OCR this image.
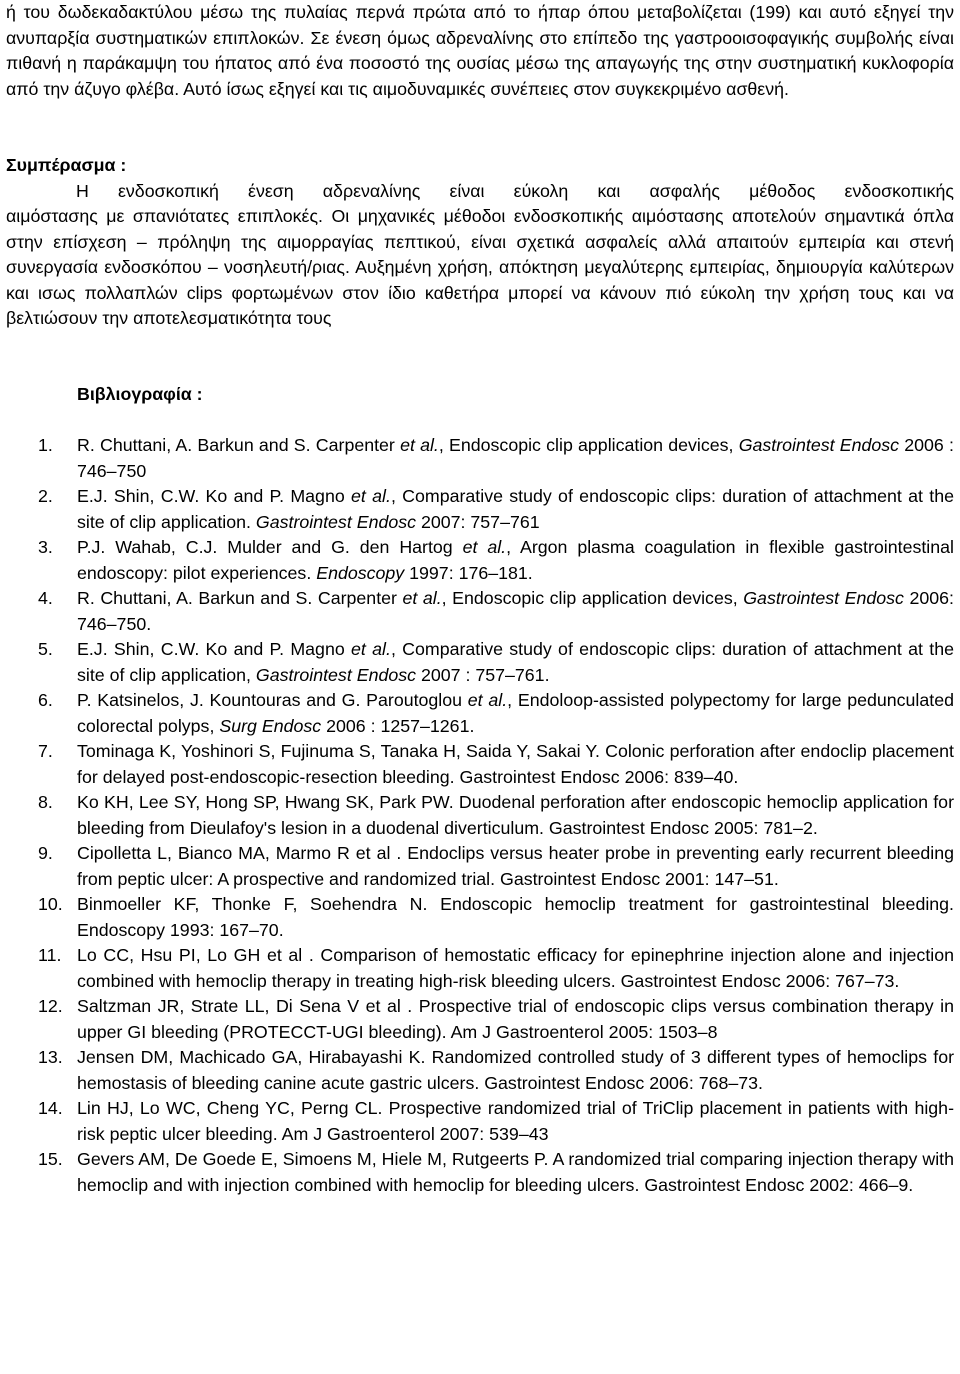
ή του δωδεκαδακτύλου μέσω της πυλαίας περνά πρώτα από το ήπαρ όπου μεταβολίζεται (199) και αυτό εξηγεί την ανυπαρξία συστηματικών επιπλοκών. Σε ένεση όμως αδρεναλίνης στο επίπεδο της γαστροοισοφαγικής συμβολής είναι πιθανή η παράκαμψη του ήπατος από ένα ποσοστό της ουσίας μέσω της απαγωγής της στην συστηματική κυκλοφορία από την άζυγο φλέβα. Αυτό ίσως εξηγεί και τις αιμοδυναμικές συνέπειες στον συγκεκριμένο ασθενή.

Συμπέρασμα :

Η ενδοσκοπική ένεση αδρεναλίνης είναι εύκολη και ασφαλής μέθοδος ενδοσκοπικής

αιμόστασης με σπανιότατες επιπλοκές. Οι μηχανικές μέθοδοι ενδοσκοπικής αιμόστασης αποτελούν σημαντικά όπλα στην επίσχεση – πρόληψη της αιμορραγίας πεπτικού, είναι σχετικά ασφαλείς αλλά απαιτούν εμπειρία και στενή συνεργασία ενδοσκόπου – νοσηλευτή/ριας. Αυξημένη χρήση, απόκτηση μεγαλύτερης εμπειρίας, δημιουργία καλύτερων και ισως πολλαπλών clips φορτωμένων στον ίδιο καθετήρα μπορεί να κάνουν πιό εύκολη την χρήση τους και να βελτιώσουν την αποτελεσματικότητα τους

Βιβλιογραφία :

1. R. Chuttani, A. Barkun and S. Carpenter et al., Endoscopic clip application devices, Gastrointest Endosc 2006 : 746–750
2. E.J. Shin, C.W. Ko and P. Magno et al., Comparative study of endoscopic clips: duration of attachment at the site of clip application. Gastrointest Endosc 2007: 757–761
3. P.J. Wahab, C.J. Mulder and G. den Hartog et al., Argon plasma coagulation in flexible gastrointestinal endoscopy: pilot experiences. Endoscopy 1997: 176–181.
4. R. Chuttani, A. Barkun and S. Carpenter et al., Endoscopic clip application devices, Gastrointest Endosc 2006: 746–750.
5. E.J. Shin, C.W. Ko and P. Magno et al., Comparative study of endoscopic clips: duration of attachment at the site of clip application, Gastrointest Endosc 2007 : 757–761.
6. P. Katsinelos, J. Kountouras and G. Paroutoglou et al., Endoloop-assisted polypectomy for large pedunculated colorectal polyps, Surg Endosc 2006 : 1257–1261.
7. Tominaga K, Yoshinori S, Fujinuma S, Tanaka H, Saida Y, Sakai Y. Colonic perforation after endoclip placement for delayed post-endoscopic-resection bleeding. Gastrointest Endosc 2006: 839–40.
8. Ko KH, Lee SY, Hong SP, Hwang SK, Park PW. Duodenal perforation after endoscopic hemoclip application for bleeding from Dieulafoy's lesion in a duodenal diverticulum. Gastrointest Endosc 2005: 781–2.
9. Cipolletta L, Bianco MA, Marmo R et al . Endoclips versus heater probe in preventing early recurrent bleeding from peptic ulcer: A prospective and randomized trial. Gastrointest Endosc 2001: 147–51.
10. Binmoeller KF, Thonke F, Soehendra N. Endoscopic hemoclip treatment for gastrointestinal bleeding. Endoscopy 1993: 167–70.
11. Lo CC, Hsu PI, Lo GH et al . Comparison of hemostatic efficacy for epinephrine injection alone and injection combined with hemoclip therapy in treating high-risk bleeding ulcers. Gastrointest Endosc 2006: 767–73.
12. Saltzman JR, Strate LL, Di Sena V et al . Prospective trial of endoscopic clips versus combination therapy in upper GI bleeding (PROTECCT-UGI bleeding). Am J Gastroenterol 2005: 1503–8
13. Jensen DM, Machicado GA, Hirabayashi K. Randomized controlled study of 3 different types of hemoclips for hemostasis of bleeding canine acute gastric ulcers. Gastrointest Endosc 2006: 768–73.
14. Lin HJ, Lo WC, Cheng YC, Perng CL. Prospective randomized trial of TriClip placement in patients with high-risk peptic ulcer bleeding. Am J Gastroenterol 2007: 539–43
15. Gevers AM, De Goede E, Simoens M, Hiele M, Rutgeerts P. A randomized trial comparing injection therapy with hemoclip and with injection combined with hemoclip for bleeding ulcers. Gastrointest Endosc 2002: 466–9.
